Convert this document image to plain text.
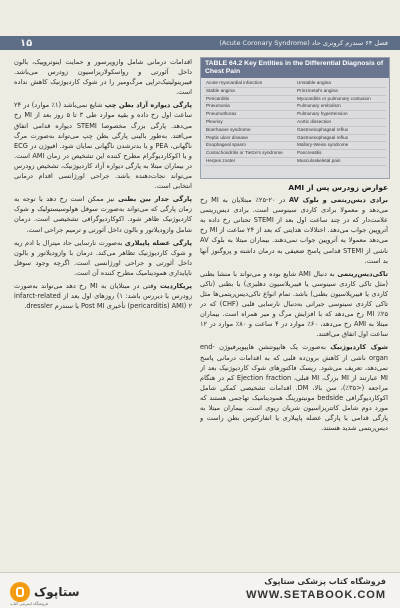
فصل ۶۴ سندرم کرونری حاد (Acute Coronary Syndrome)
۱۵
TABLE 64.2 Key Entities in the Differential Diagnosis of Chest Pain
Acute myocardial infarction
Stable angina
Pericarditis
Pneumonia
Pneumothorax
Pleurisy
Boerhaave syndrome
Peptic ulcer disease
Esophageal spasm
Costochondritis or Tietze's syndrome
Herpes zoster
Unstable angina
Prinzmetal's angina
Myocarditis or pulmonary contusion
Pulmonary embolism
Pulmonary hypertension
Aortic dissection
Gastroesophageal reflux
Gastroesophageal reflux
Mallory-Weiss syndrome
Pancreatitis
Musculoskeletal pain
عوارض زودرس پس از AMI

برادی دیس‌ریتمی و بلوک AV در ۲۰-۲۵٪ مبتلایان به MI رخ می‌دهد و معمولا برادی کاردی سینوسی است. برادی دیس‌ریتمی علامت‌دار که در چند ساعت اول بعد از STEMI تحتانی رخ داده به آتروپین جواب می‌دهد. اختلالات هدایتی که بعد از ۲۴ ساعت از MI رخ می‌دهد معمولا به آتروپین جواب نمی‌دهند. بیماران مبتلا به بلوک AV ناشی از STEMI قدامی پاسخ ضعیفی به درمان داشته و پروگنوز آنها بد است.

تاکی‌دیس‌ریتمی به دنبال AMI شایع بوده و می‌تواند با منشا بطنی (مثل تاکی کاردی سینوسی یا فیبریلاسیون دهلیزی) یا بطنی (تاکی کاردی یا فیبریلاسیون بطنی) باشد. تمام انواع تاکی‌دیس‌ریتمی‌ها مثل تاکی کاردی سینوسی جبرانی به‌دنبال نارسایی قلبی (CHF) که در ۲۵٪ MI رخ می‌دهد که با افزایش مرگ و میر همراه است. بیماران مبتلا به AMI رخ می‌دهد، ۶۰٪ موارد در ۴ ساعت و ۸۰٪ موارد در ۱۲ ساعت اول اتفاق می‌افتند.

شوک کاردیوژنیک به‌صورت یک هایپوتنشن هایپوپرفیوژن end-organ ناشی از کاهش برون‌ده قلبی که به اقدامات درمانی پاسخ نمی‌دهد، تعریف می‌شود. ریسک فاکتورهای شوک کاردیوژنیک بعد از MI عبارتند از MI بزرگ، MI قبلی، Ejection fraction کم در هنگام مراجعه (<۳۵٪)، سن بالا، DM. اقدامات تشخیصی کمکی شامل اکوکاردیوگرافی bedside مونیتورینگ همودینامیک تهاجمی هستند که مورد دوم شامل کاتتریزاسیون شریان ریوی است. بیماران مبتلا به پارگی قدامی یا پارگی عضله پاپیلاری یا انفارکتوس بطن راست و دیس‌ریتمی شدید هستند.

اقدامات درمانی شامل وازوپرسور و حمایت اینوتروپیک، بالون داخل آئورتی و رواسکولاریزاسیون زودرس می‌باشد. فیبرینولیتیک‌تراپی مرگ‌ومیر را در شوک کاردیوژنیک کاهش نداده است.

پارگی دیواره آزاد بطن چپ شایع نمی‌باشد (۱٪ موارد) در ۲۴ ساعت اول رخ داده و بقیه موارد طی ۳ تا ۵ روز بعد از MI رخ می‌دهد. پارگی بزرگ مخصوصا STEMI دیواره قدامی اتفاق می‌افتد. به‌طور بالینی پارگی بطن چپ می‌تواند به‌صورت مرگ ناگهانی، PEA و یا بدترشدن ناگهانی نمایان شود. افیوژن در ECG و یا اکوکاردیوگرام مطرح کننده این تشخیص در زمان AMI است. در بیماران مبتلا به پارگی دیواره آزاد کاردیوژنیک، تشخیص زودرس می‌تواند نجات‌دهنده باشد. جراحی اورژانسی اقدام درمانی انتخابی است.

پارگی جدار بین بطنی نیز ممکن است رخ دهد با توجه به زمان پارگی که می‌تواند به‌صورت سوفل هولوسیستولیک و شوک کاردیوژنیک ظاهر شود. اکوکاردیوگرافی تشخیصی است. درمان شامل وازودیلاتور و بالون داخل آئورتی و ترمیم جراحی است.

پارگی عضله پاپیلاری به‌صورت نارسایی حاد میترال با ادم ریه و شوک کاردیوژنیک تظاهر می‌کند. درمان با وازودیلاتور و بالون داخل آئورتی و جراحی اورژانسی است. اگرچه وجود سوفل ناپایداری همودینامیک مطرح کننده آن است.

پریکاردیت وقتی در مبتلایان به MI رخ دهد می‌تواند به‌صورت زودرس یا دیررس باشد: ۱) روزهای اول بعد از infarct-related pericarditis) AMI) ۲) تأخیری Post MI یا سندرم dressler.

ستاپوک
فروشگاه اینترنتی کتاب
فروشگاه کتاب پزشکی ستاپوک
WWW.SETABOOK.COM
